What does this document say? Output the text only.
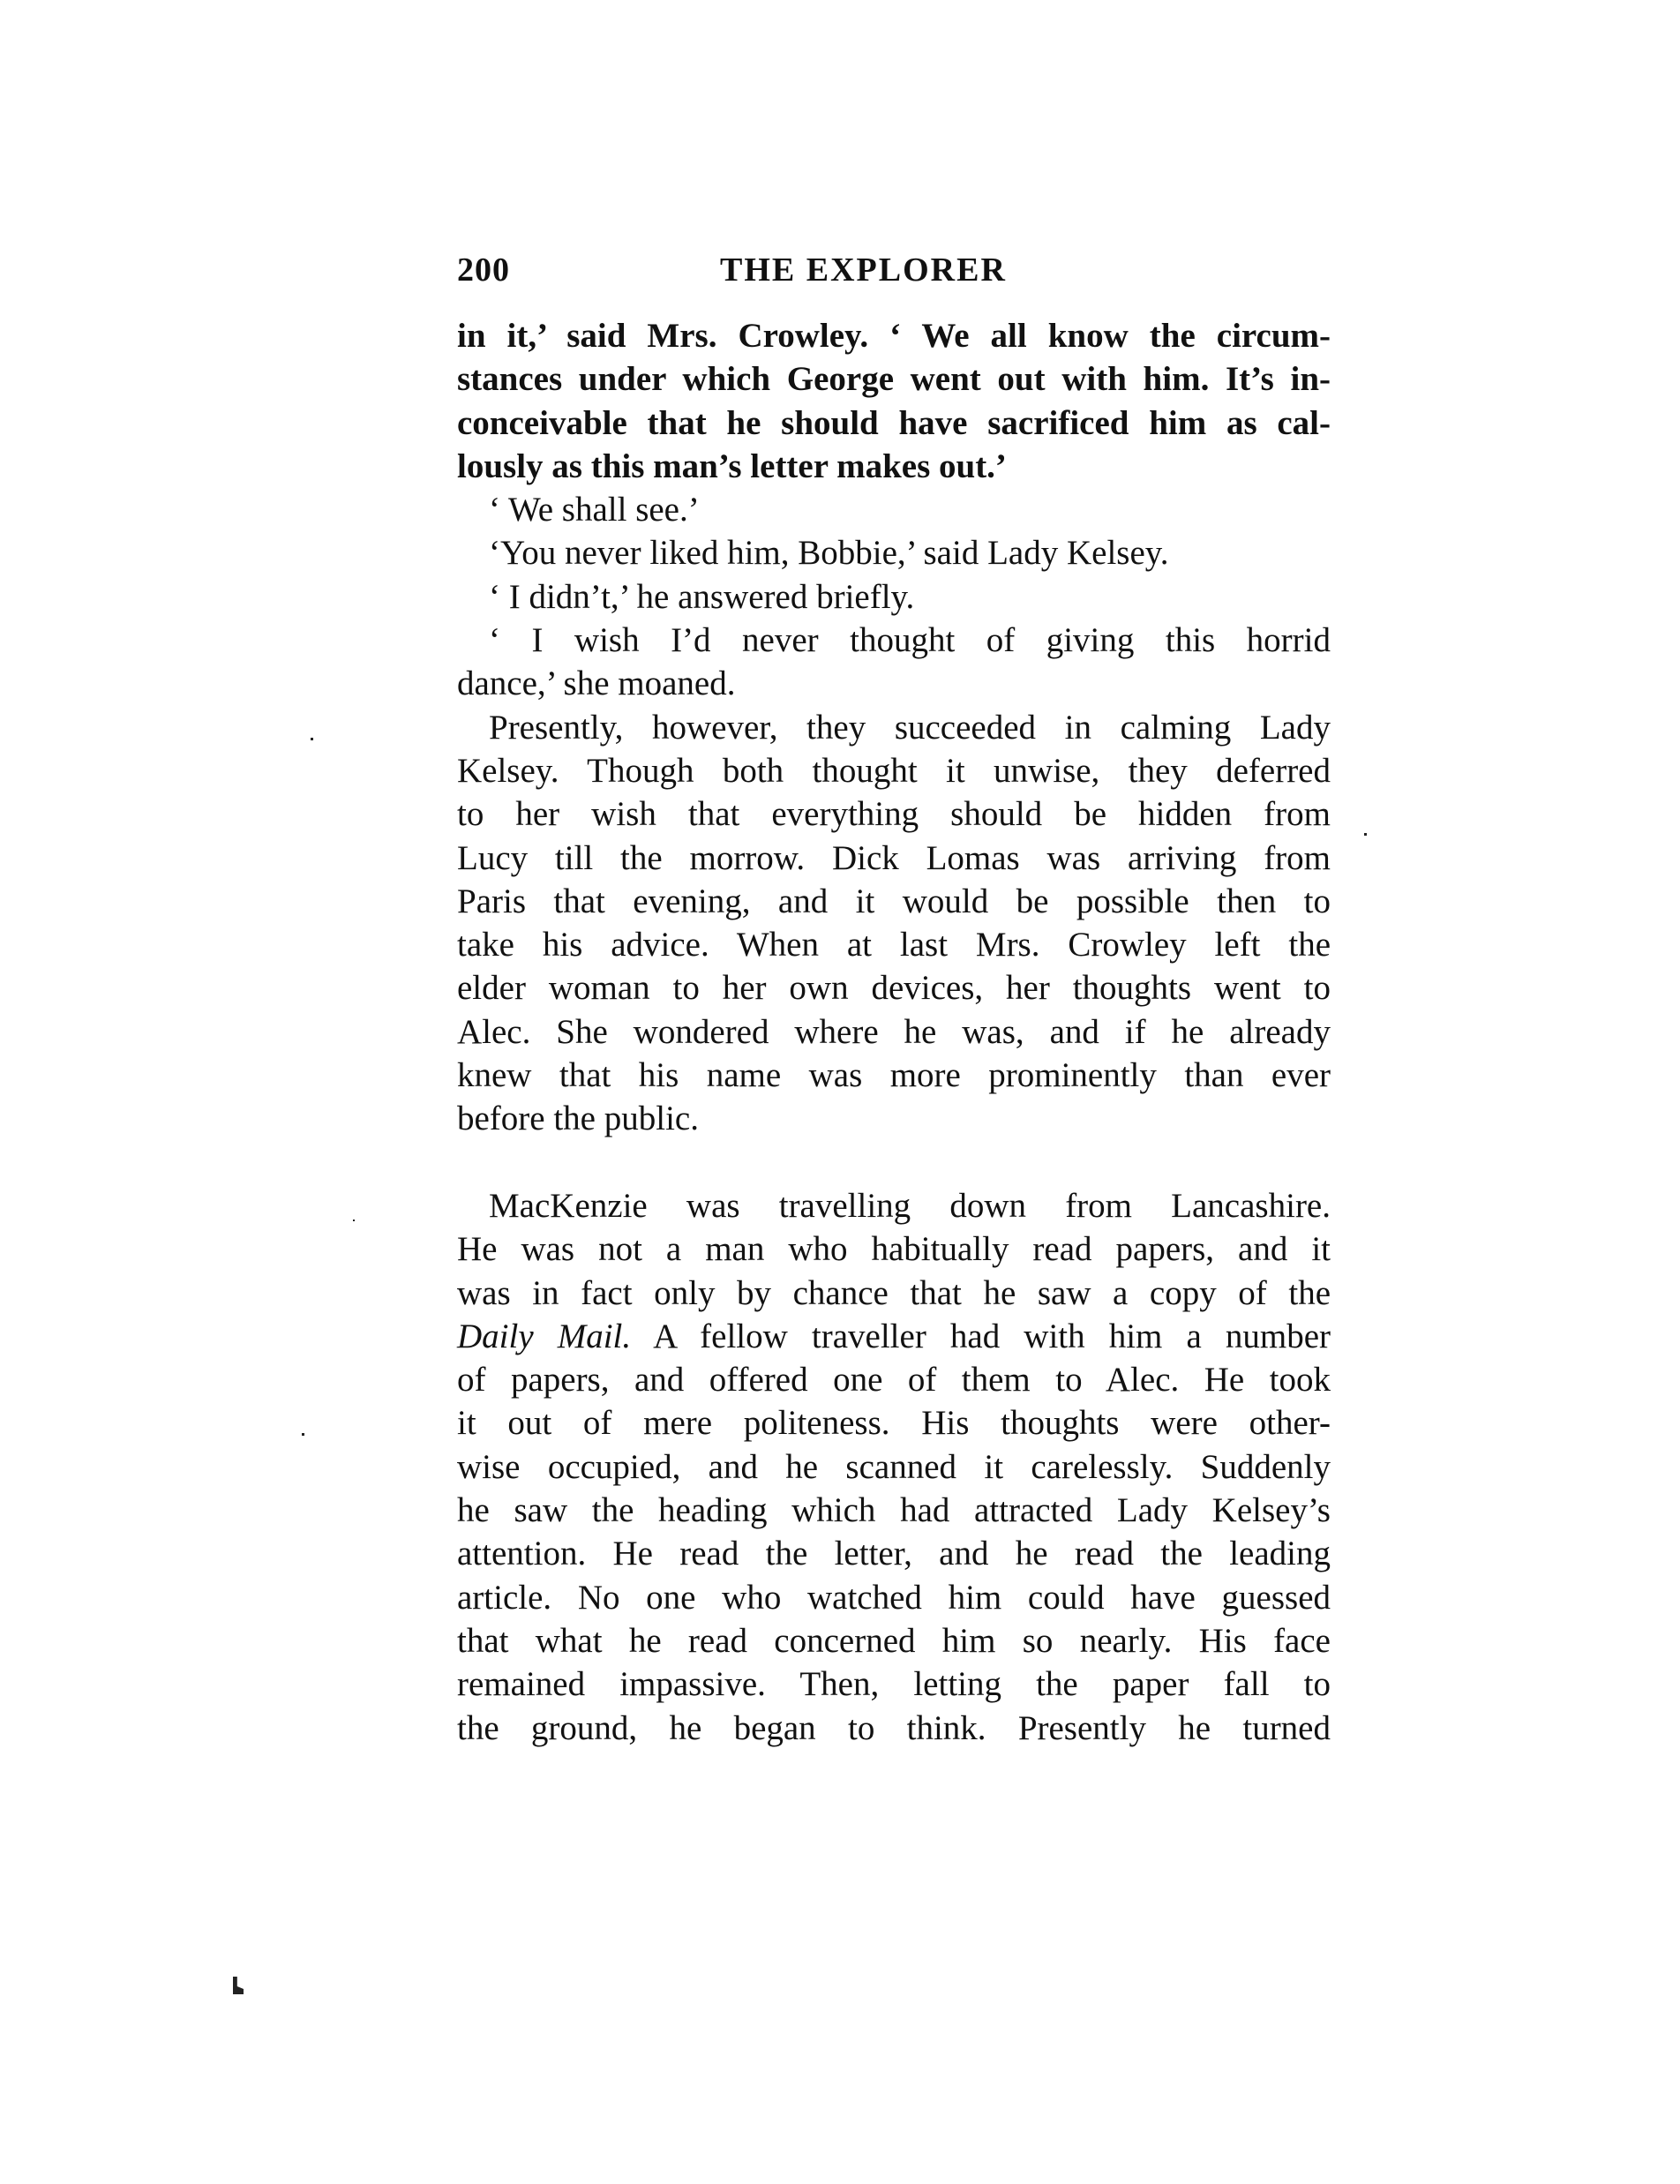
200	THE EXPLORER
in it,’ said Mrs. Crowley. ‘ We all know the circum-
stances under which George went out with him. It’s in-
conceivable that he should have sacrificed him as cal-
lously as this man’s letter makes out.’
‘ We shall see.’
‘You never liked him, Bobbie,’ said Lady Kelsey.
‘ I didn’t,’ he answered briefly.
‘ I wish I’d never thought of giving this horrid
dance,’ she moaned.
Presently, however, they succeeded in calming Lady
Kelsey. Though both thought it unwise, they deferred
to her wish that everything should be hidden from
Lucy till the morrow. Dick Lomas was arriving from
Paris that evening, and it would be possible then to
take his advice. When at last Mrs. Crowley left the
elder woman to her own devices, her thoughts went to
Alec. She wondered where he was, and if he already
knew that his name was more prominently than ever
before the public.
MacKenzie was travelling down from Lancashire.
He was not a man who habitually read papers, and it
was in fact only by chance that he saw a copy of the
Daily Mail. A fellow traveller had with him a number
of papers, and offered one of them to Alec. He took
it out of mere politeness. His thoughts were other-
wise occupied, and he scanned it carelessly. Suddenly
he saw the heading which had attracted Lady Kelsey’s
attention. He read the letter, and he read the leading
article. No one who watched him could have guessed
that what he read concerned him so nearly. His face
remained impassive. Then, letting the paper fall to
the ground, he began to think. Presently he turned
